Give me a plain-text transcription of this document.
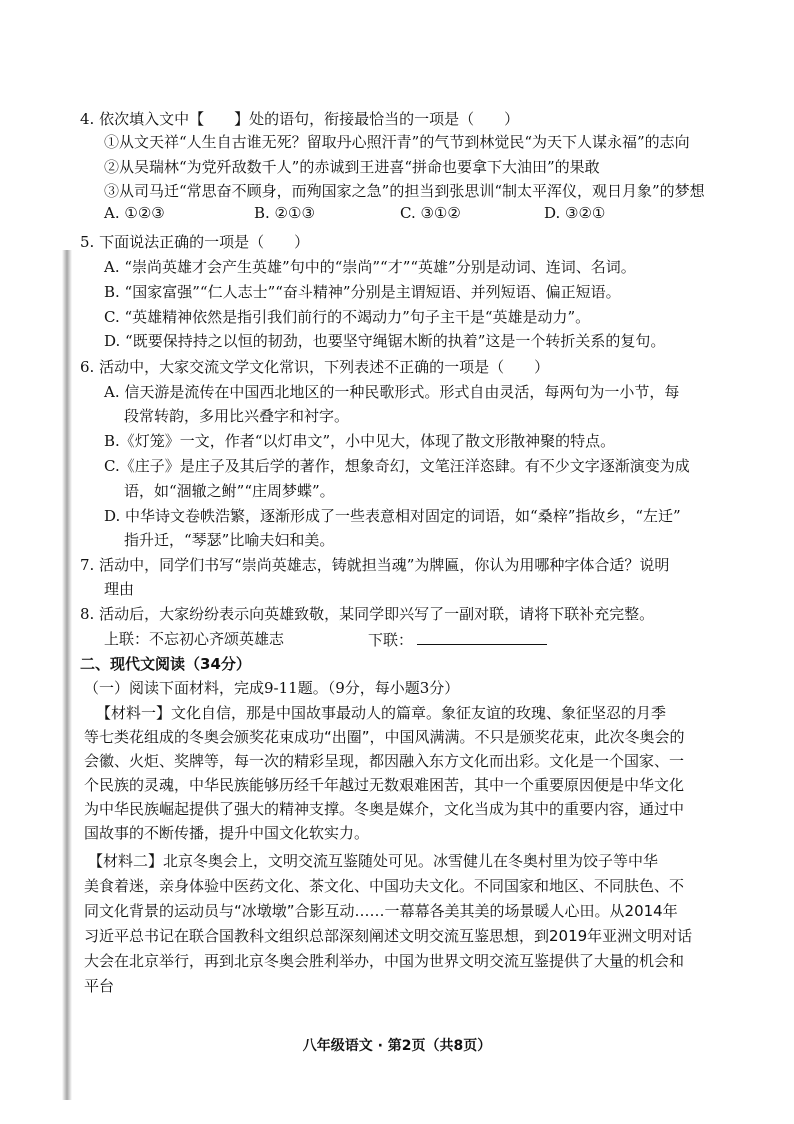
4. 依次填入文中【　　】处的语句，衔接最恰当的一项是（　　）
①从文天祥“人生自古谁无死？留取丹心照汗青”的气节到林觉民“为天下人谋永福”的志向
②从吴瑞林“为党歼敌数千人”的赤诚到王进喜“拼命也要拿下大油田”的果敢
③从司马迁“常思奋不顾身，而殉国家之急”的担当到张思训“制太平浑仪，观日月象”的梦想
A. ①②③	B. ②①③	C. ③①②	D. ③②①
5. 下面说法正确的一项是（　　）
A. “崇尚英雄才会产生英雄”句中的“崇尚”“才”“英雄”分别是动词、连词、名词。
B. “国家富强”“仁人志士”“奋斗精神”分别是主谓短语、并列短语、偏正短语。
C. “英雄精神依然是指引我们前行的不竭动力”句子主干是“英雄是动力”。
D. “既要保持持之以恒的韧劲，也要坚守绳锯木断的执着”这是一个转折关系的复句。
6. 活动中，大家交流文学文化常识，下列表述不正确的一项是（　　）
A. 信天游是流传在中国西北地区的一种民歌形式。形式自由灵活，每两句为一小节，每
段常转韵，多用比兴叠字和衬字。
B.《灯笼》一文，作者“以灯串文”，小中见大，体现了散文形散神聚的特点。
C.《庄子》是庄子及其后学的著作，想象奇幻，文笔汪洋恣肆。有不少文字逐渐演变为成
语，如“涸辙之鲋”“庄周梦蝶”。
D. 中华诗文卷帙浩繁，逐渐形成了一些表意相对固定的词语，如“桑梓”指故乡，“左迁”
指升迁，“琴瑟”比喻夫妇和美。
7. 活动中，同学们书写“崇尚英雄志，铸就担当魂”为牌匾，你认为用哪种字体合适？说明
理由
8. 活动后，大家纷纷表示向英雄致敬，某同学即兴写了一副对联，请将下联补充完整。
上联：不忘初心齐颂英雄志	下联：
二、现代文阅读（34分）
（一）阅读下面材料，完成9-11题。（9分，每小题3分）
【材料一】文化自信，那是中国故事最动人的篇章。象征友谊的玫瑰、象征坚忍的月季
等七类花组成的冬奥会颁奖花束成功“出圈”，中国风满满。不只是颁奖花束，此次冬奥会的
会徽、火炬、奖牌等，每一次的精彩呈现，都因融入东方文化而出彩。文化是一个国家、一
个民族的灵魂，中华民族能够历经千年越过无数艰难困苦，其中一个重要原因便是中华文化
为中华民族崛起提供了强大的精神支撑。冬奥是媒介，文化当成为其中的重要内容，通过中
国故事的不断传播，提升中国文化软实力。
【材料二】北京冬奥会上，文明交流互鉴随处可见。冰雪健儿在冬奥村里为饺子等中华
美食着迷，亲身体验中医药文化、茶文化、中国功夫文化。不同国家和地区、不同肤色、不
同文化背景的运动员与“冰墩墩”合影互动……一幕幕各美其美的场景暖人心田。从2014年
习近平总书记在联合国教科文组织总部深刻阐述文明交流互鉴思想，到2019年亚洲文明对话
大会在北京举行，再到北京冬奥会胜利举办，中国为世界文明交流互鉴提供了大量的机会和
平台
八年级语文 · 第2页（共8页）
